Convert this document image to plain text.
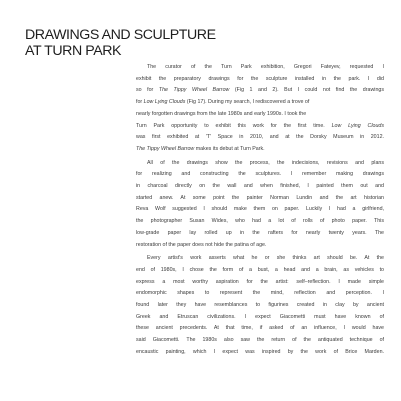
DRAWINGS AND SCULPTURE
AT TURN PARK
The curator of the Turn Park exhibition, Gregori Fateyev, requested I
exhibit the preparatory drawings for the sculpture installed in the park. I did
so for The Tippy Wheel Barrow (Fig 1 and 2). But I could not find the drawings
for Low Lying Clouds (Fig 17). During my search, I rediscovered a trove of
nearly forgotten drawings from the late 1980s and early 1990s. I took the
Turn Park opportunity to exhibit this work for the first time. Low Lying Clouds
was first exhibited at 'T' Space in 2010, and at the Dorsky Museum in 2012.
The Tippy Wheel Barrow makes its debut at Turn Park.
All of the drawings show the process, the indecisions, revisions and plans
for realizing and constructing the sculptures. I remember making drawings
in charcoal directly on the wall and when finished, I painted them out and
started anew. At some point the painter Norman Lundin and the art historian
Reva Wolf suggested I should make them on paper. Luckily I had a girlfriend,
the photographer Susan Wides, who had a lot of rolls of photo paper. This
low-grade paper lay rolled up in the rafters for nearly twenty years. The
restoration of the paper does not hide the patina of age.
Every artist's work asserts what he or she thinks art should be. At the
end of 1980s, I chose the form of a bust, a head and a brain, as vehicles to
express a most worthy aspiration for the artist: self–reflection. I made simple
endomorphic shapes to represent the mind, reflection and perception. I
found later they have resemblances to figurines created in clay by ancient
Greek and Etruscan civilizations. I expect Giacometti must have known of
these ancient precedents. At that time, if asked of an influence, I would have
said Giacometti. The 1980s also saw the return of the antiquated technique of
encaustic painting, which I expect was inspired by the work of Brice Marden.
